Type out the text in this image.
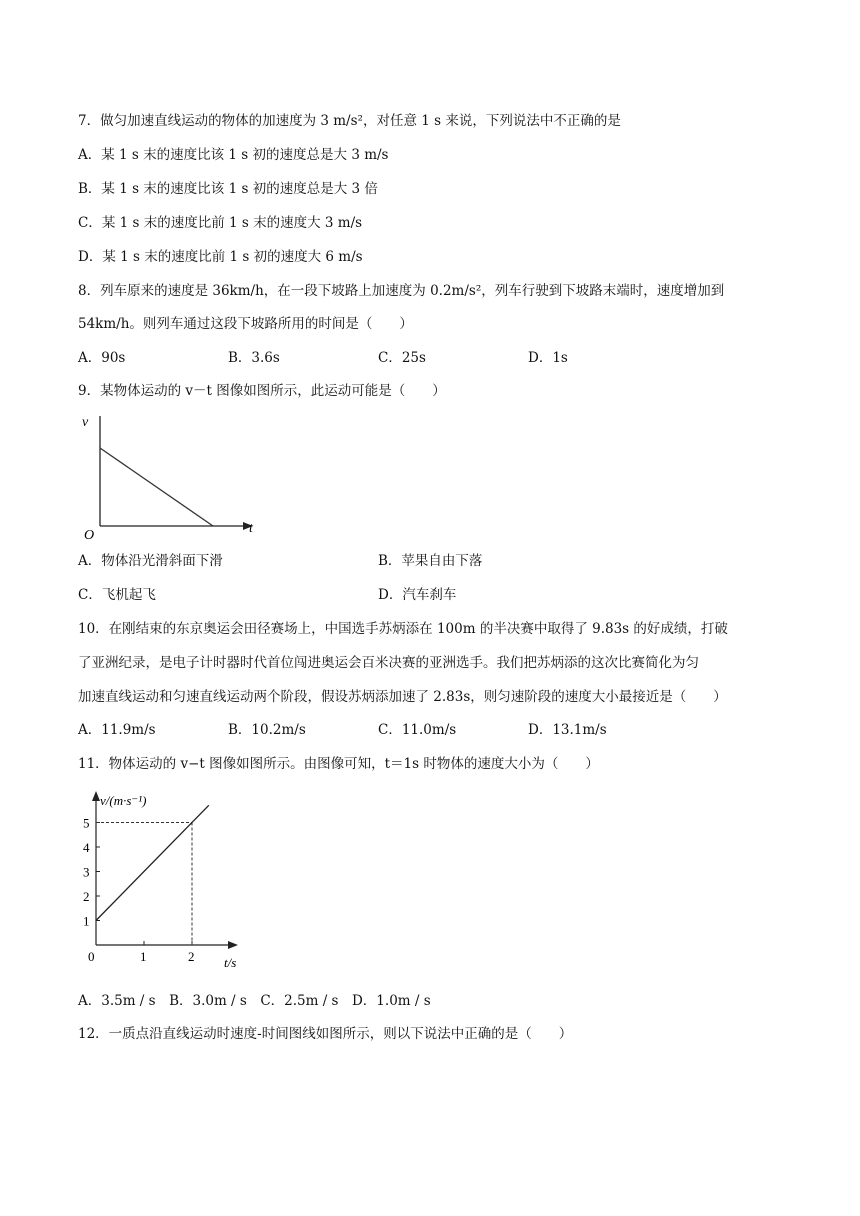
7．做匀加速直线运动的物体的加速度为 3 m/s²，对任意 1 s 来说，下列说法中不正确的是
A．某 1 s 末的速度比该 1 s 初的速度总是大 3 m/s
B．某 1 s 末的速度比该 1 s 初的速度总是大 3 倍
C．某 1 s 末的速度比前 1 s 末的速度大 3 m/s
D．某 1 s 末的速度比前 1 s 初的速度大 6 m/s
8．列车原来的速度是 36km/h，在一段下坡路上加速度为 0.2m/s²，列车行驶到下坡路末端时，速度增加到
54km/h。则列车通过这段下坡路所用的时间是（　　）
A．90s	B．3.6s	C．25s	D．1s
9．某物体运动的 v－t 图像如图所示，此运动可能是（　　）
v
t
O
A．物体沿光滑斜面下滑	B．苹果自由下落
C．飞机起飞	D．汽车刹车
10．在刚结束的东京奥运会田径赛场上，中国选手苏炳添在 100m 的半决赛中取得了 9.83s 的好成绩，打破
了亚洲纪录，是电子计时器时代首位闯进奥运会百米决赛的亚洲选手。我们把苏炳添的这次比赛简化为匀
加速直线运动和匀速直线运动两个阶段，假设苏炳添加速了 2.83s，则匀速阶段的速度大小最接近是（　　）
A．11.9m/s	B．10.2m/s	C．11.0m/s	D．13.1m/s
11．物体运动的 v−t 图像如图所示。由图像可知，t＝1s 时物体的速度大小为（　　）
1
2
3
4
5
0	1	2
v/(m·s⁻¹)
t/s
A．3.5m / s　B．3.0m / s　C．2.5m / s　D．1.0m / s
12．一质点沿直线运动时速度-时间图线如图所示，则以下说法中正确的是（　　）
